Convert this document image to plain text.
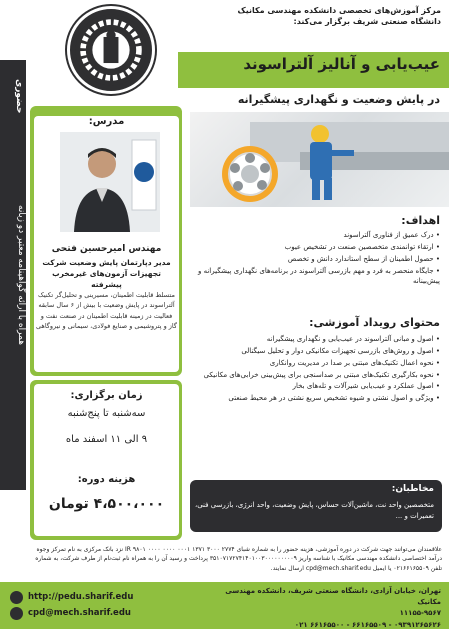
مرکز آموزش‌های تخصصی دانشکده مهندسی مکانیک
دانشگاه صنعتی شریف برگزار می‌کند:
عیب‌یابی و آنالیز آلتراسوند
در پایش وضعیت و نگهداری پیشگیرانه
حضوری
همراه با ارائه گواهینامه معتبر دو زبانه
مدرس:
مهندس امیرحسین فتحی
مدیر دپارتمان پایش وضعیت شرکت تجهیزات آزمون‌های غیرمخرب پیشرفته
متسلط قابلیت اطمینان، مسیرینی و تحلیل‌گر تکنیک آلتراسوند در پایش وضعیت با بیش از ۶ سال سابقه فعالیت در زمینه قابلیت اطمینان در صنعت نفت و گاز و پتروشیمی و صنایع فولادی، سیمانی و نیروگاهی
زمان برگزاری:
سه‌شنبه تا پنج‌شنبه
۹ الی ۱۱ اسفند ماه
هزینه دوره:
۴،۵۰۰،۰۰۰ تومان
اهداف:
• درک عمیق از فناوری آلتراسوند
• ارتقاء توانمندی متخصصین صنعت در تشخیص عیوب
• حصول اطمینان از سطح استاندارد دانش و تخصص
• جایگاه منحصر به فرد و مهم بازرسی آلتراسوند در برنامه‌های نگهداری پیشگیرانه و پیش‌بینانه
محتوای رویداد آموزشی:
• اصول و مبانی آلتراسوند در عیب‌یابی و نگهداری پیشگیرانه
• اصول و روش‌های بازرسی تجهیزات مکانیکی دوار و تحلیل سیگنالی
• نحوه اعمال تکنیک‌های مبتنی بر صدا در مدیریت روانکاری
• نحوه بکارگیری تکنیک‌های مبتنی بر صداسنجی برای پیش‌بینی خرابی‌های مکانیکی
• اصول عملکرد و عیب‌یابی شیرآلات و تله‌های بخار
• ویژگی و اصول نشتی و شیوه تشخیص سریع نشتی در هر محیط صنعتی
مخاطبان:
متخصصین واحد نت، ماشین‌آلات حساس، پایش وضعیت، واحد انرژی، بازرسی فنی، تعمیرات و ...
علاقمندان می‌توانند جهت شرکت در دوره آموزشی، هزینه حضور را به شماره شبای ۲۷۷۴ ۳۰۰۰ ۱۳۷۱ ۰۰۰۱ ۰۰۰۰ ۰۰۰۰ ۹۸۰۱ IR نزد بانک مرکزی به نام تمرکز وجوه درآمد اختصاصی دانشکده مهندسی مکانیک با شناسه واریز ۳۵۱۰۷۱۷۲۷۴۱۴۰۱۰۰۳۰۰۰۰۰۰۰۰۰۹ پرداخت و رسید آن را به همراه نام ثبت‌نام از طرف شرکت، به شماره تلفن ۰۲۱۶۶۱۶۵۵۰۹ یا ایمیل cpd@mech.sharif.edu ارسال نمایند.
http://pedu.sharif.edu
cpd@mech.sharif.edu
تهران، خیابان آزادی، دانشگاه صنعتی شریف، دانشکده مهندسی مکانیک
۱۱۱۵۵-۹۵۶۷
۰۹۳۹۱۲۶۵۶۲۶ - ۶۶۱۶۵۵۰۹ - ۶۶۱۶۵۵۰۰ ۰۲۱
